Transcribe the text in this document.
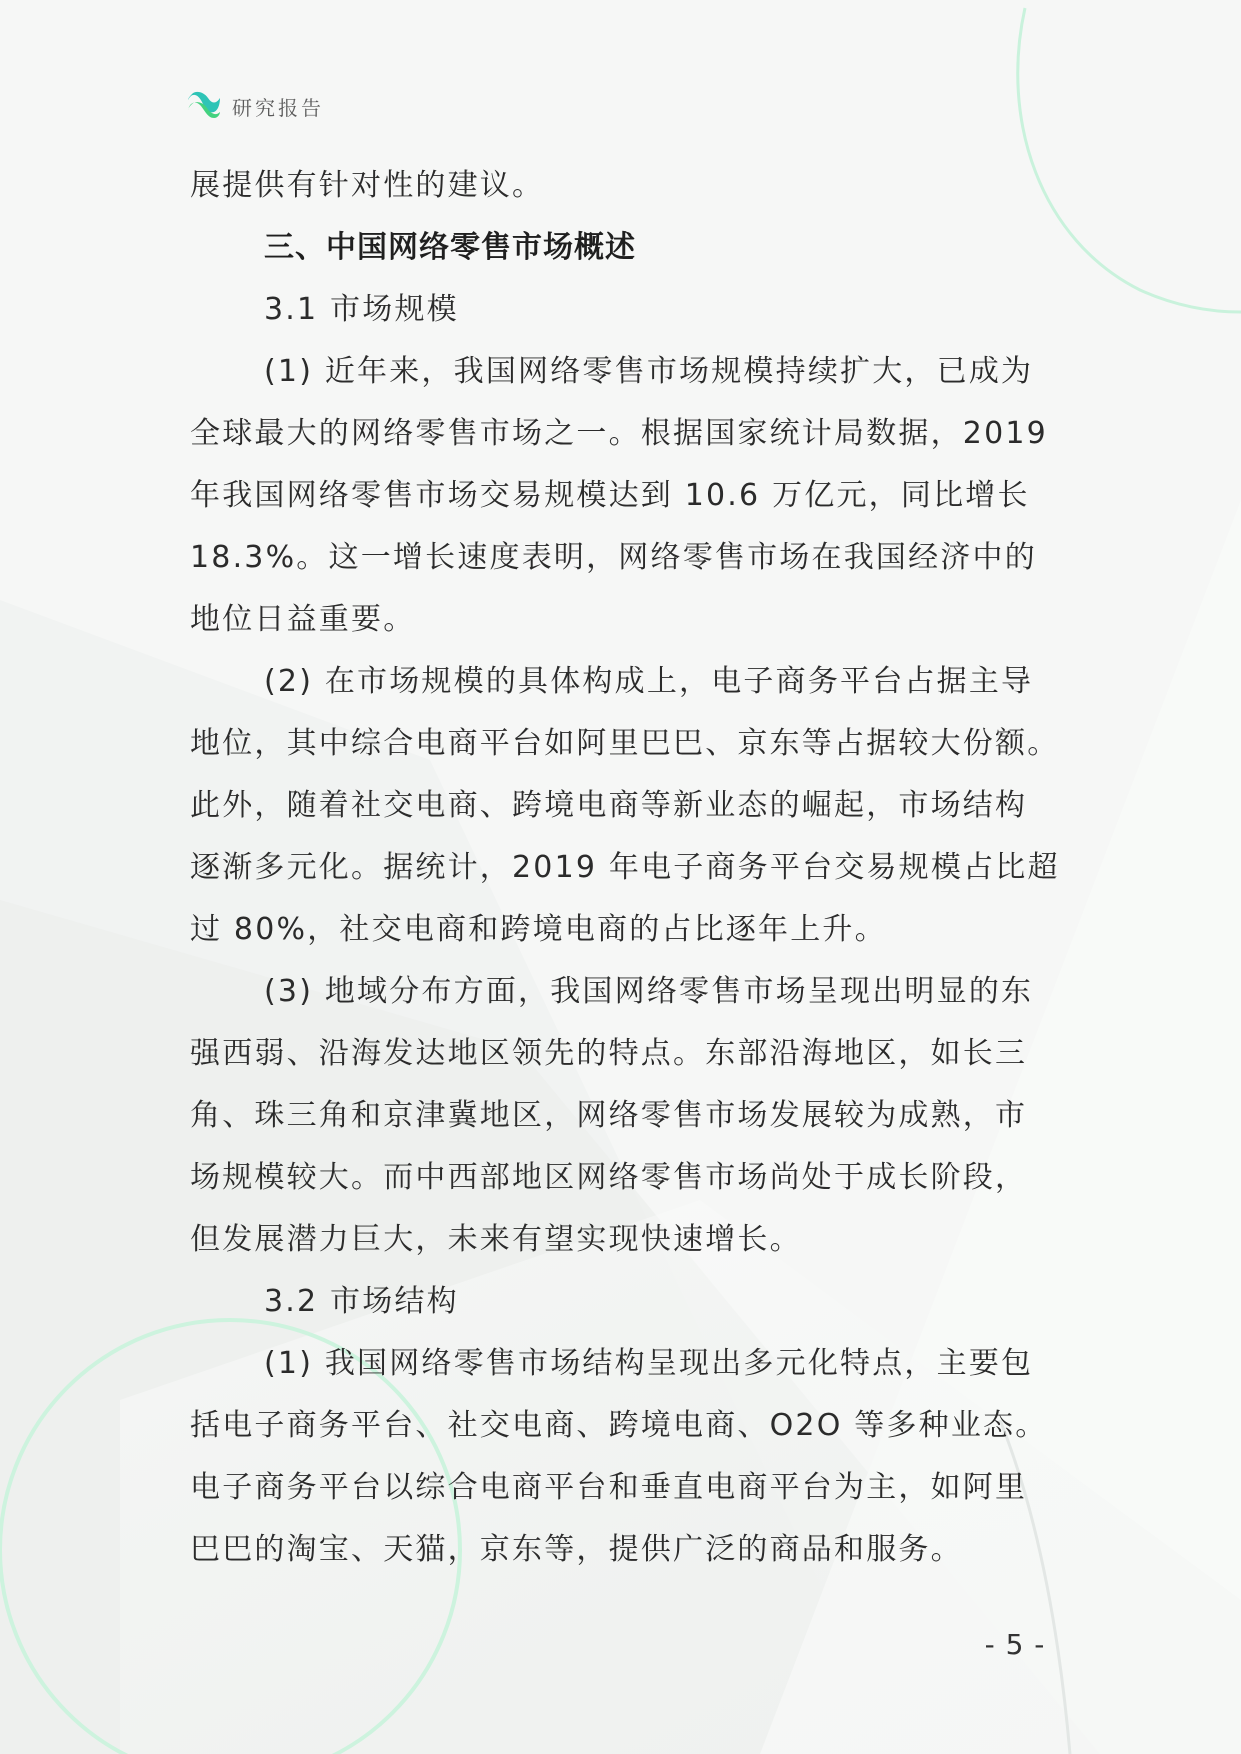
研究报告
展提供有针对性的建议。
三、中国网络零售市场概述
3.1 市场规模
(1) 近年来，我国网络零售市场规模持续扩大，已成为
全球最大的网络零售市场之一。根据国家统计局数据，2019
年我国网络零售市场交易规模达到 10.6 万亿元，同比增长
18.3%。这一增长速度表明，网络零售市场在我国经济中的
地位日益重要。
(2) 在市场规模的具体构成上，电子商务平台占据主导
地位，其中综合电商平台如阿里巴巴、京东等占据较大份额。
此外，随着社交电商、跨境电商等新业态的崛起，市场结构
逐渐多元化。据统计，2019 年电子商务平台交易规模占比超
过 80%，社交电商和跨境电商的占比逐年上升。
(3) 地域分布方面，我国网络零售市场呈现出明显的东
强西弱、沿海发达地区领先的特点。东部沿海地区，如长三
角、珠三角和京津冀地区，网络零售市场发展较为成熟，市
场规模较大。而中西部地区网络零售市场尚处于成长阶段，
但发展潜力巨大，未来有望实现快速增长。
3.2 市场结构
(1) 我国网络零售市场结构呈现出多元化特点，主要包
括电子商务平台、社交电商、跨境电商、O2O 等多种业态。
电子商务平台以综合电商平台和垂直电商平台为主，如阿里
巴巴的淘宝、天猫，京东等，提供广泛的商品和服务。
- 5 -
